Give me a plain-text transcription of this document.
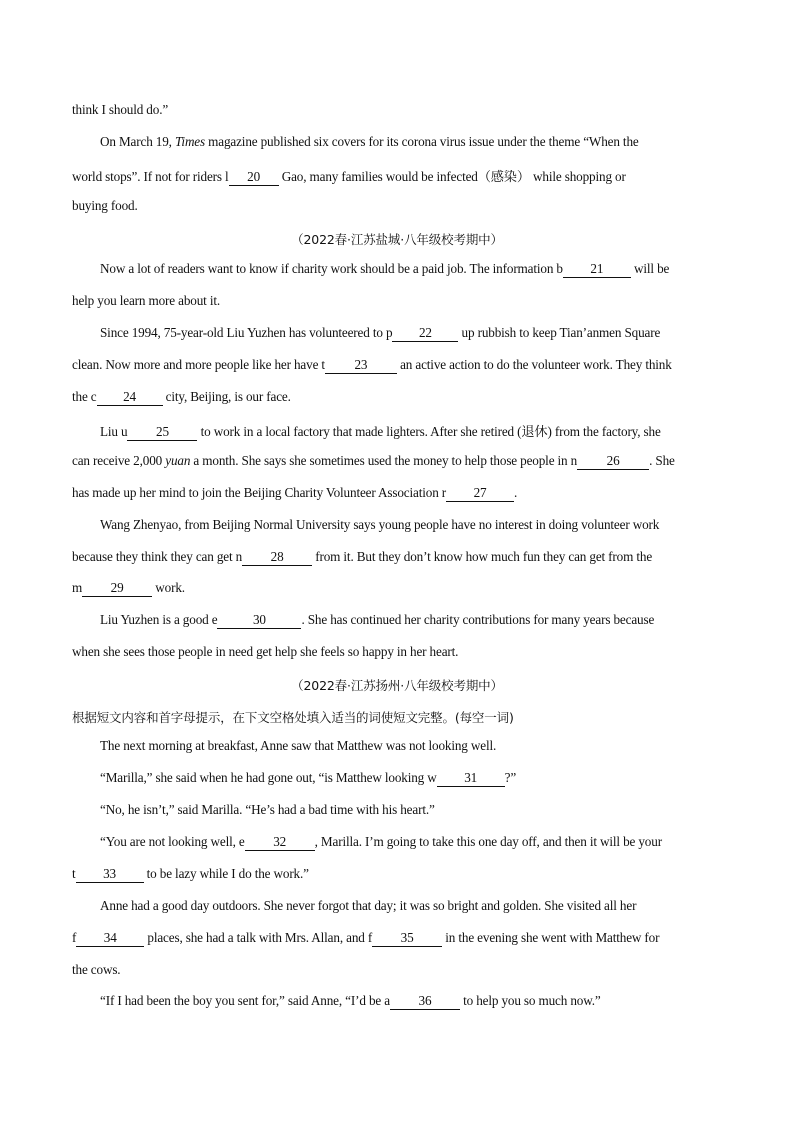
think I should do.”
On March 19, Times magazine published six covers for its corona virus issue under the theme “When the
world stops”. If not for riders l 20 Gao, many families would be infected（感染） while shopping or
buying food.
（2022春·江苏盐城·八年级校考期中）
Now a lot of readers want to know if charity work should be a paid job. The information b 21 will be
help you learn more about it.
Since 1994, 75-year-old Liu Yuzhen has volunteered to p 22 up rubbish to keep Tian’anmen Square
clean. Now more and more people like her have t 23 an active action to do the volunteer work. They think
the c 24 city, Beijing, is our face.
Liu u 25 to work in a local factory that made lighters. After she retired (退休) from the factory, she
can receive 2,000 yuan a month. She says she sometimes used the money to help those people in n 26 . She
has made up her mind to join the Beijing Charity Volunteer Association r 27 .
Wang Zhenyao, from Beijing Normal University says young people have no interest in doing volunteer work
because they think they can get n 28 from it. But they don’t know how much fun they can get from the
m 29 work.
Liu Yuzhen is a good e	30	. She has continued her charity contributions for many years because
when she sees those people in need get help she feels so happy in her heart.
（2022春·江苏扬州·八年级校考期中）
根据短文内容和首字母提示，在下文空格处填入适当的词使短文完整。(每空一词)
The next morning at breakfast, Anne saw that Matthew was not looking well.
“Marilla,” she said when he had gone out, “is Matthew looking w 31 ?”
“No, he isn’t,” said Marilla. “He’s had a bad time with his heart.”
“You are not looking well, e 32 , Marilla. I’m going to take this one day off, and then it will be your
t 33 to be lazy while I do the work.”
Anne had a good day outdoors. She never forgot that day; it was so bright and golden. She visited all her
f 34 places, she had a talk with Mrs. Allan, and f 35 in the evening she went with Matthew for
the cows.
“If I had been the boy you sent for,” said Anne, “I’d be a 36 to help you so much now.”
